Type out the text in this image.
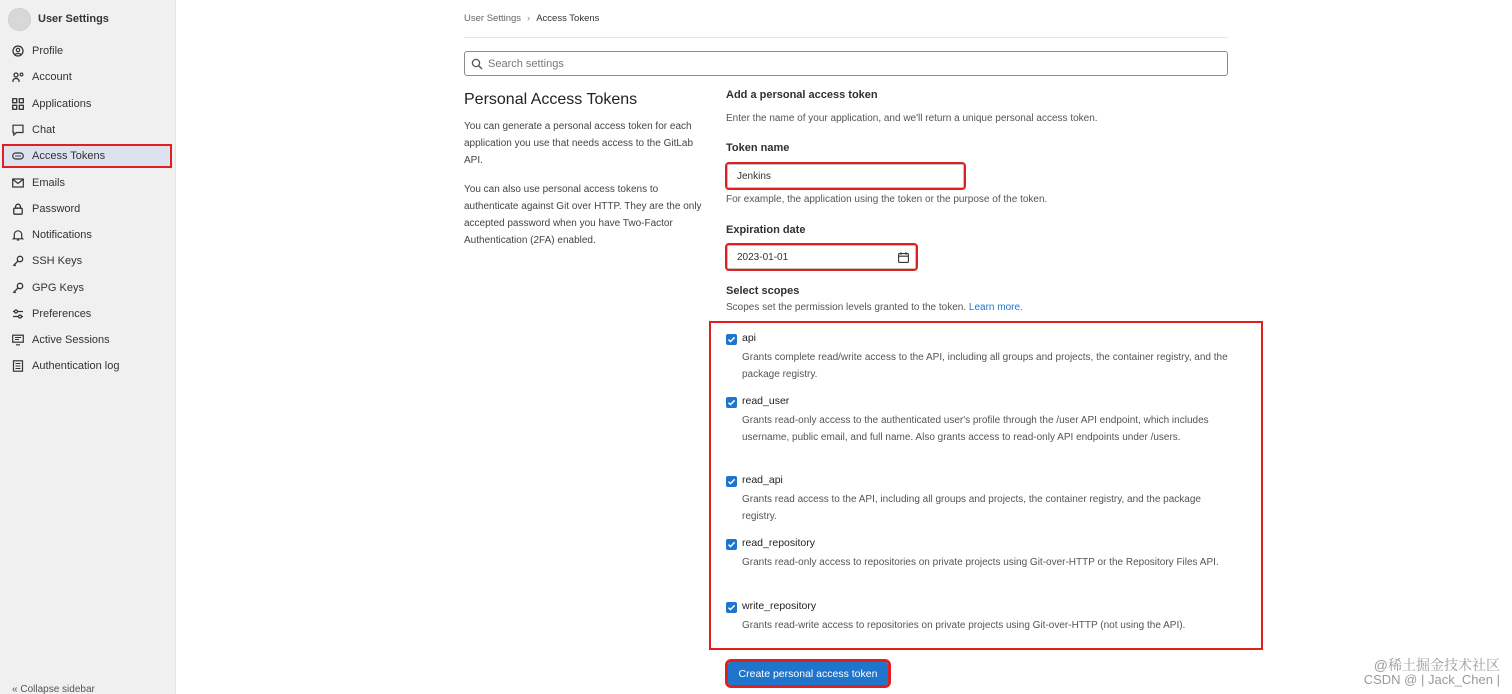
User Settings
Profile
Account
Applications
Chat
Access Tokens
Emails
Password
Notifications
SSH Keys
GPG Keys
Preferences
Active Sessions
Authentication log
« Collapse sidebar
User Settings › Access Tokens
Search settings
Personal Access Tokens

You can generate a personal access token for each application you use that needs access to the GitLab API.

You can also use personal access tokens to authenticate against Git over HTTP. They are the only accepted password when you have Two-Factor Authentication (2FA) enabled.

Add a personal access token
Enter the name of your application, and we'll return a unique personal access token.
Token name
Jenkins
For example, the application using the token or the purpose of the token.
Expiration date
2023-01-01
Select scopes
Scopes set the permission levels granted to the token. Learn more.
api
Grants complete read/write access to the API, including all groups and projects, the container registry, and the package registry.
read_user
Grants read-only access to the authenticated user's profile through the /user API endpoint, which includes username, public email, and full name. Also grants access to read-only API endpoints under /users.
read_api
Grants read access to the API, including all groups and projects, the container registry, and the package registry.
read_repository
Grants read-only access to repositories on private projects using Git-over-HTTP or the Repository Files API.
write_repository
Grants read-write access to repositories on private projects using Git-over-HTTP (not using the API).
Create personal access token
@稀土掘金技术社区
CSDN @ | Jack_Chen |
